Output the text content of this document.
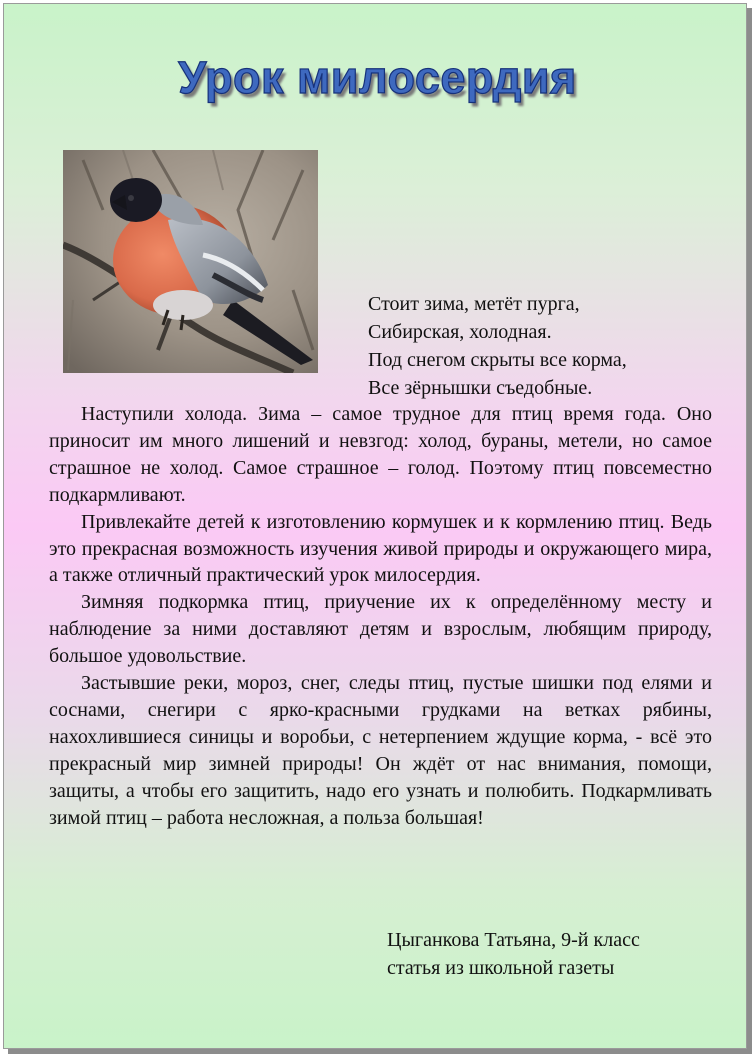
Урок милосердия
Стоит зима, метёт пурга,
Сибирская, холодная.
Под снегом скрыты все корма,
Все зёрнышки съедобные.

Наступили холода. Зима – самое трудное для птиц время года. Оно приносит им много лишений и невзгод: холод, бураны, метели, но самое страшное не холод. Самое страшное – голод. Поэтому птиц повсеместно подкармливают.

Привлекайте детей к изготовлению кормушек и к кормлению птиц. Ведь это прекрасная возможность изучения живой природы и окружающего мира, а также отличный практический урок милосердия.

Зимняя подкормка птиц, приучение их к определённому месту и наблюдение за ними доставляют детям и взрослым, любящим природу, большое удовольствие.

Застывшие реки, мороз, снег, следы птиц, пустые шишки под елями и соснами, снегири с ярко-красными грудками на ветках рябины, нахохлившиеся синицы и воробьи, с нетерпением ждущие корма, - всё это прекрасный мир зимней природы! Он ждёт от нас внимания, помощи, защиты, а чтобы его защитить, надо его узнать и полюбить. Подкармливать зимой птиц – работа несложная, а польза большая!

Цыганкова Татьяна, 9-й класс
статья из школьной газеты
